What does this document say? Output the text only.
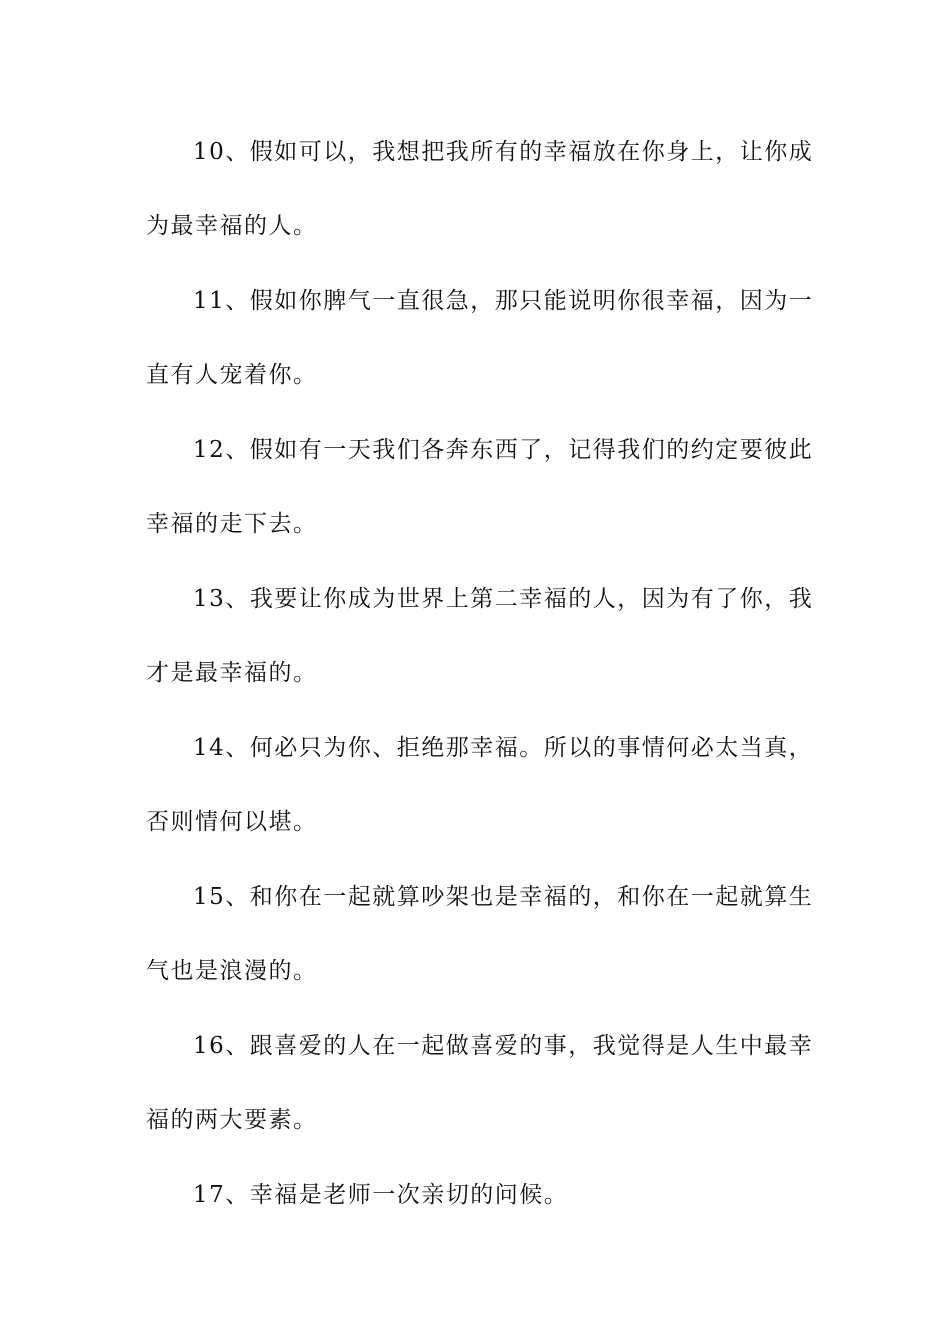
10、假如可以，我想把我所有的幸福放在你身上，让你成
为最幸福的人。
11、假如你脾气一直很急，那只能说明你很幸福，因为一
直有人宠着你。
12、假如有一天我们各奔东西了，记得我们的约定要彼此
幸福的走下去。
13、我要让你成为世界上第二幸福的人，因为有了你，我
才是最幸福的。
14、何必只为你、拒绝那幸福。所以的事情何必太当真，
否则情何以堪。
15、和你在一起就算吵架也是幸福的，和你在一起就算生
气也是浪漫的。
16、跟喜爱的人在一起做喜爱的事，我觉得是人生中最幸
福的两大要素。
17、幸福是老师一次亲切的问候。
